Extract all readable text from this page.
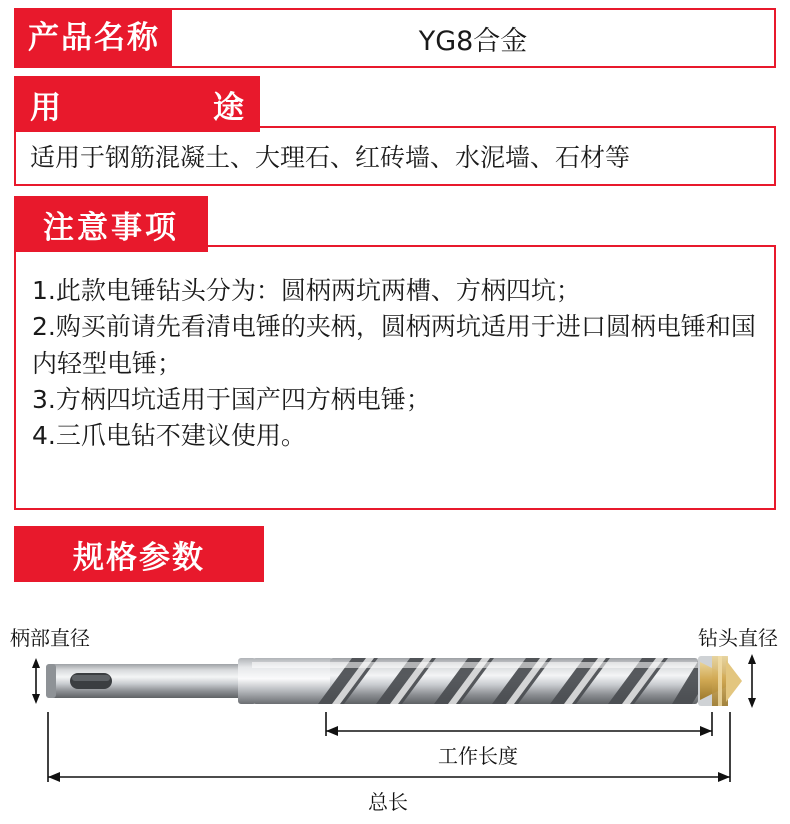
产品名称	YG8合金
用	途
适用于钢筋混凝土、大理石、红砖墙、水泥墙、石材等
注意事项
1.此款电锤钻头分为：圆柄两坑两槽、方柄四坑；
2.购买前请先看清电锤的夹柄，圆柄两坑适用于进口圆柄电锤和国内轻型电锤；
3.方柄四坑适用于国产四方柄电锤；
4.三爪电钻不建议使用。
规格参数
柄部直径	钻头直径
工作长度
总长
